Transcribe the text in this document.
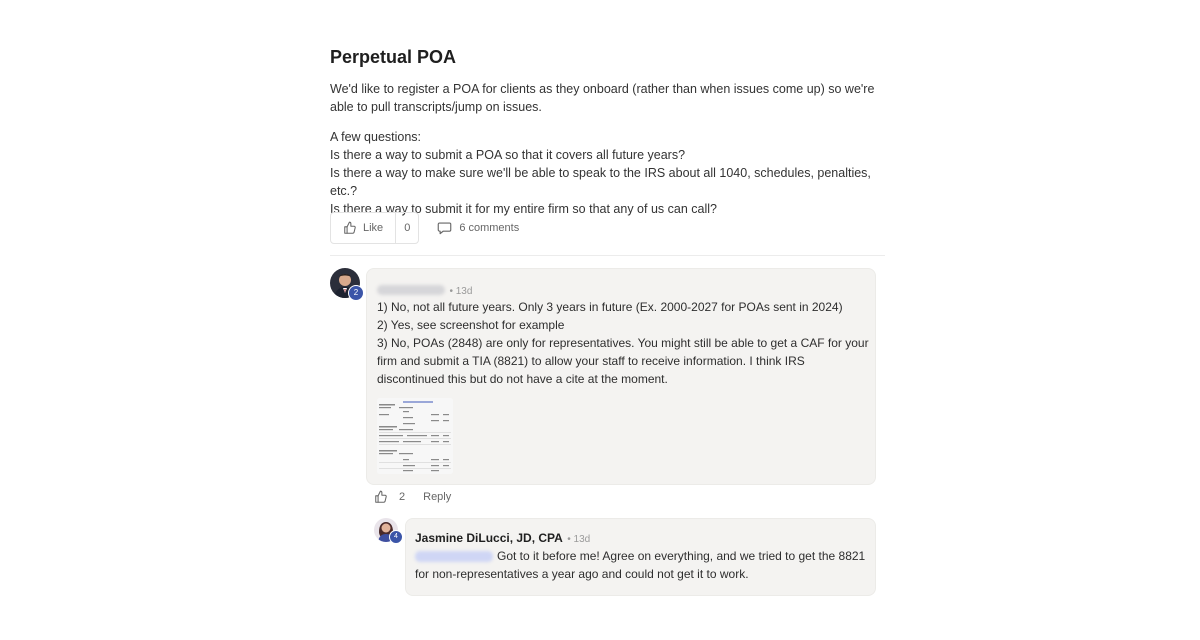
Perpetual POA

We'd like to register a POA for clients as they onboard (rather than when issues come up) so we're able to pull transcripts/jump on issues.

A few questions:
Is there a way to submit a POA so that it covers all future years?
Is there a way to make sure we'll be able to speak to the IRS about all 1040, schedules, penalties, etc.?
Is there a way to submit it for my entire firm so that any of us can call?

Like	0	6 comments
2	• 13d
1) No, not all future years. Only 3 years in future (Ex. 2000-2027 for POAs sent in 2024)
2) Yes, see screenshot for example
3) No, POAs (2848) are only for representatives. You might still be able to get a CAF for your
firm and submit a TIA (8821) to allow your staff to receive information. I think IRS
discontinued this but do not have a cite at the moment.
2 Reply
4	Jasmine DiLucci, JD, CPA • 13d
Got to it before me! Agree on everything, and we tried to get the 8821
for non-representatives a year ago and could not get it to work.
